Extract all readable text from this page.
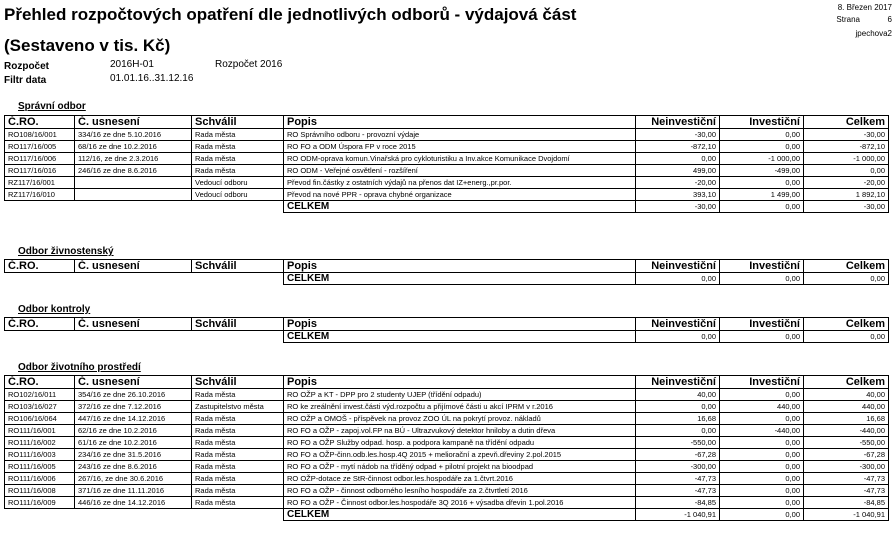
Přehled rozpočtových opatření dle jednotlivých odborů - výdajová část
(Sestaveno v tis. Kč)
8. Březen 2017
Strana	6
jpechova2
Rozpočet	2016H-01	Rozpočet 2016
Filtr data	01.01.16..31.12.16
Správní odbor
Č.RO.	Č. usnesení	Schválil	Popis	Neinvestiční	Investiční	Celkem
RO108/16/001	334/16 ze dne 5.10.2016	Rada města	RO Správního odboru - provozní výdaje	-30,00	0,00	-30,00
RO117/16/005	68/16 ze dne 10.2.2016	Rada města	RO FO a ODM Úspora FP v roce 2015	-872,10	0,00	-872,10
RO117/16/006	112/16, ze dne 2.3.2016	Rada města	RO ODM-oprava komun.Vinařská pro cykloturistiku a Inv.akce Komunikace Dvojdomí	0,00	-1 000,00	-1 000,00
RO117/16/016	246/16 ze dne 8.6.2016	Rada města	RO ODM - Veřejné osvětlení - rozšíření	499,00	-499,00	0,00
RZ117/16/001		Vedoucí odboru	Převod fin.částky z ostatních výdajů na přenos dat IZ+energ.,pr.por.	-20,00	0,00	-20,00
RZ117/16/010		Vedoucí odboru	Převod na nové PPR - oprava chybné organizace	393,10	1 499,00	1 892,10
			CELKEM	-30,00	0,00	-30,00
Odbor živnostenský
Č.RO.	Č. usnesení	Schválil	Popis	Neinvestiční	Investiční	Celkem
			CELKEM	0,00	0,00	0,00
Odbor kontroly
Č.RO.	Č. usnesení	Schválil	Popis	Neinvestiční	Investiční	Celkem
			CELKEM	0,00	0,00	0,00
Odbor životního prostředí
Č.RO.	Č. usnesení	Schválil	Popis	Neinvestiční	Investiční	Celkem
RO102/16/011	354/16 ze dne 26.10.2016	Rada města	RO OŽP a KT - DPP pro 2 studenty UJEP (třídění odpadu)	40,00	0,00	40,00
RO103/16/027	372/16 ze dne 7.12.2016	Zastupitelstvo města	RO ke zreálnění invest.části výd.rozpočtu a přijímové části u akcí IPRM v r.2016	0,00	440,00	440,00
RO106/16/064	447/16 ze dne 14.12.2016	Rada města	RO OŽP a OMOŠ - příspěvek na provoz ZOO ÚL na pokrytí provoz. nákladů	16,68	0,00	16,68
RO111/16/001	62/16 ze dne 10.2.2016	Rada města	RO FO a OŽP - zapoj.vol.FP na BÚ - Ultrazvukový detektor hniloby a dutin dřeva	0,00	-440,00	-440,00
RO111/16/002	61/16 ze dne 10.2.2016	Rada města	RO FO a OŽP Služby odpad. hosp. a podpora kampaně na třídění odpadu	-550,00	0,00	-550,00
RO111/16/003	234/16 ze dne 31.5.2016	Rada města	RO FO a OŽP-činn.odb.les.hosp.4Q 2015 + meliorační a zpevň.dřeviny 2.pol.2015	-67,28	0,00	-67,28
RO111/16/005	243/16 ze dne 8.6.2016	Rada města	RO FO a OŽP - mytí nádob na tříděný odpad + pilotní projekt na bioodpad	-300,00	0,00	-300,00
RO111/16/006	267/16, ze dne 30.6.2016	Rada města	RO OŽP-dotace ze StR-činnost odbor.les.hospodáře za 1.čtvrt.2016	-47,73	0,00	-47,73
RO111/16/008	371/16 ze dne 11.11.2016	Rada města	RO FO a OŽP - činnost odborného lesního hospodáře za 2.čtvrtletí 2016	-47,73	0,00	-47,73
RO111/16/009	446/16 ze dne 14.12.2016	Rada města	RO FO a OŽP - Činnost odbor.les.hospodáře 3Q 2016 + výsadba dřevin 1.pol.2016	-84,85	0,00	-84,85
			CELKEM	-1 040,91	0,00	-1 040,91
